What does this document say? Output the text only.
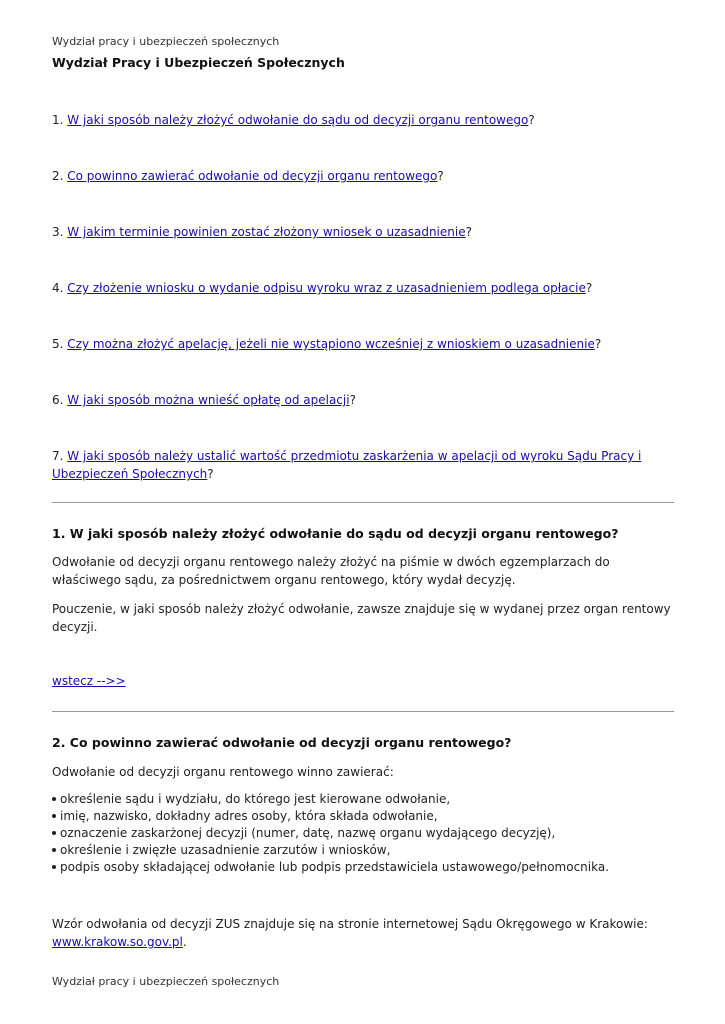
Wydział pracy i ubezpieczeń społecznych
Wydział Pracy i Ubezpieczeń Społecznych
1. W jaki sposób należy złożyć odwołanie do sądu od decyzji organu rentowego?
2. Co powinno zawierać odwołanie od decyzji organu rentowego?
3. W jakim terminie powinien zostać złożony wniosek o uzasadnienie?
4. Czy złożenie wniosku o wydanie odpisu wyroku wraz z uzasadnieniem podlega opłacie?
5. Czy można złożyć apelację, jeżeli nie wystąpiono wcześniej z wnioskiem o uzasadnienie?
6. W jaki sposób można wnieść opłatę od apelacji?
7. W jaki sposób należy ustalić wartość przedmiotu zaskarżenia w apelacji od wyroku Sądu Pracy i Ubezpieczeń Społecznych?
1. W jaki sposób należy złożyć odwołanie do sądu od decyzji organu rentowego?
Odwołanie od decyzji organu rentowego należy złożyć na piśmie w dwóch egzemplarzach do właściwego sądu, za pośrednictwem organu rentowego, który wydał decyzję.
Pouczenie, w jaki sposób należy złożyć odwołanie, zawsze znajduje się w wydanej przez organ rentowy decyzji.
wstecz -->>
2. Co powinno zawierać odwołanie od decyzji organu rentowego?
Odwołanie od decyzji organu rentowego winno zawierać:
określenie sądu i wydziału, do którego jest kierowane odwołanie,
imię, nazwisko, dokładny adres osoby, która składa odwołanie,
oznaczenie zaskarżonej decyzji (numer, datę, nazwę organu wydającego decyzję),
określenie i zwięzłe uzasadnienie zarzutów i wniosków,
podpis osoby składającej odwołanie lub podpis przedstawiciela ustawowego/pełnomocnika.
Wzór odwołania od decyzji ZUS znajduje się na stronie internetowej Sądu Okręgowego w Krakowie: www.krakow.so.gov.pl.
Wydział pracy i ubezpieczeń społecznych
